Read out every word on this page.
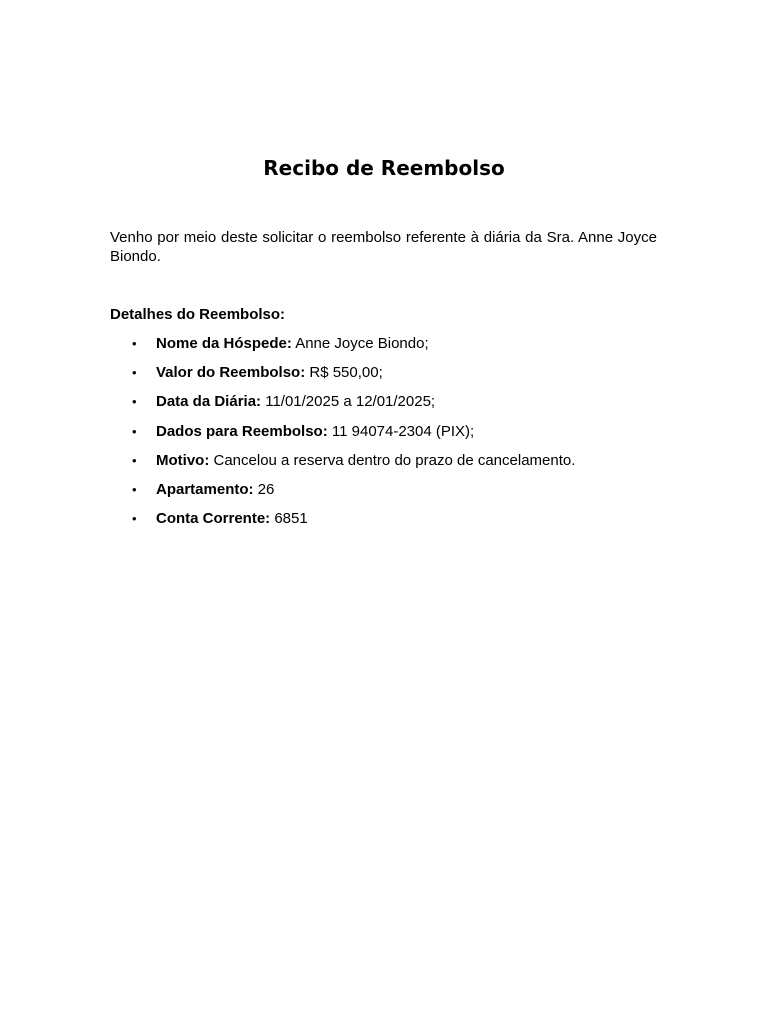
Recibo de Reembolso

Venho por meio deste solicitar o reembolso referente à diária da Sra. Anne Joyce Biondo.

Detalhes do Reembolso:

• Nome da Hóspede: Anne Joyce Biondo;
• Valor do Reembolso: R$ 550,00;
• Data da Diária: 11/01/2025 a 12/01/2025;
• Dados para Reembolso: 11 94074-2304 (PIX);
• Motivo: Cancelou a reserva dentro do prazo de cancelamento.
• Apartamento: 26
• Conta Corrente: 6851
